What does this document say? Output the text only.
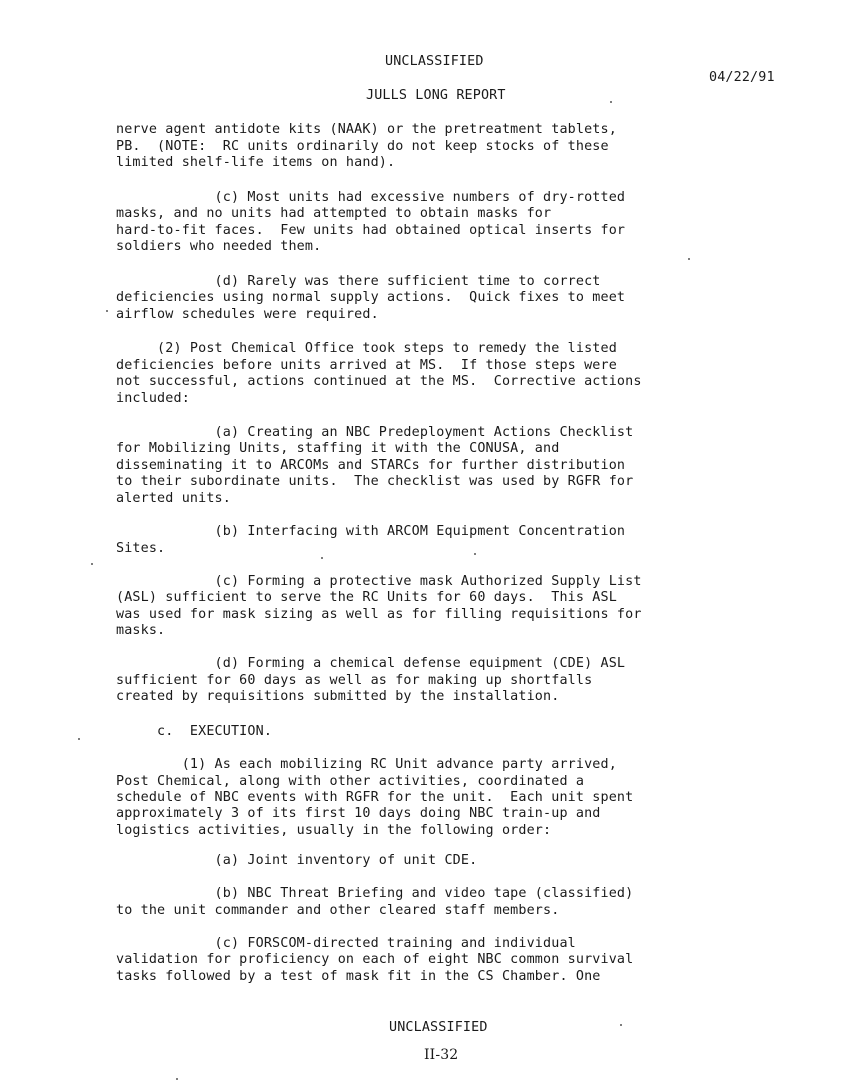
UNCLASSIFIED
04/22/91
JULLS LONG REPORT
nerve agent antidote kits (NAAK) or the pretreatment tablets,
PB.  (NOTE:  RC units ordinarily do not keep stocks of these
limited shelf-life items on hand).
(c) Most units had excessive numbers of dry-rotted
masks, and no units had attempted to obtain masks for
hard-to-fit faces.  Few units had obtained optical inserts for
soldiers who needed them.
(d) Rarely was there sufficient time to correct
deficiencies using normal supply actions.  Quick fixes to meet
airflow schedules were required.
(2) Post Chemical Office took steps to remedy the listed
deficiencies before units arrived at MS.  If those steps were
not successful, actions continued at the MS.  Corrective actions
included:
(a) Creating an NBC Predeployment Actions Checklist
for Mobilizing Units, staffing it with the CONUSA, and
disseminating it to ARCOMs and STARCs for further distribution
to their subordinate units.  The checklist was used by RGFR for
alerted units.
(b) Interfacing with ARCOM Equipment Concentration
Sites.
(c) Forming a protective mask Authorized Supply List
(ASL) sufficient to serve the RC Units for 60 days.  This ASL
was used for mask sizing as well as for filling requisitions for
masks.
(d) Forming a chemical defense equipment (CDE) ASL
sufficient for 60 days as well as for making up shortfalls
created by requisitions submitted by the installation.
c.  EXECUTION.
(1) As each mobilizing RC Unit advance party arrived,
Post Chemical, along with other activities, coordinated a
schedule of NBC events with RGFR for the unit.  Each unit spent
approximately 3 of its first 10 days doing NBC train-up and
logistics activities, usually in the following order:
(a) Joint inventory of unit CDE.
(b) NBC Threat Briefing and video tape (classified)
to the unit commander and other cleared staff members.
(c) FORSCOM-directed training and individual
validation for proficiency on each of eight NBC common survival
tasks followed by a test of mask fit in the CS Chamber. One
UNCLASSIFIED
II-32
